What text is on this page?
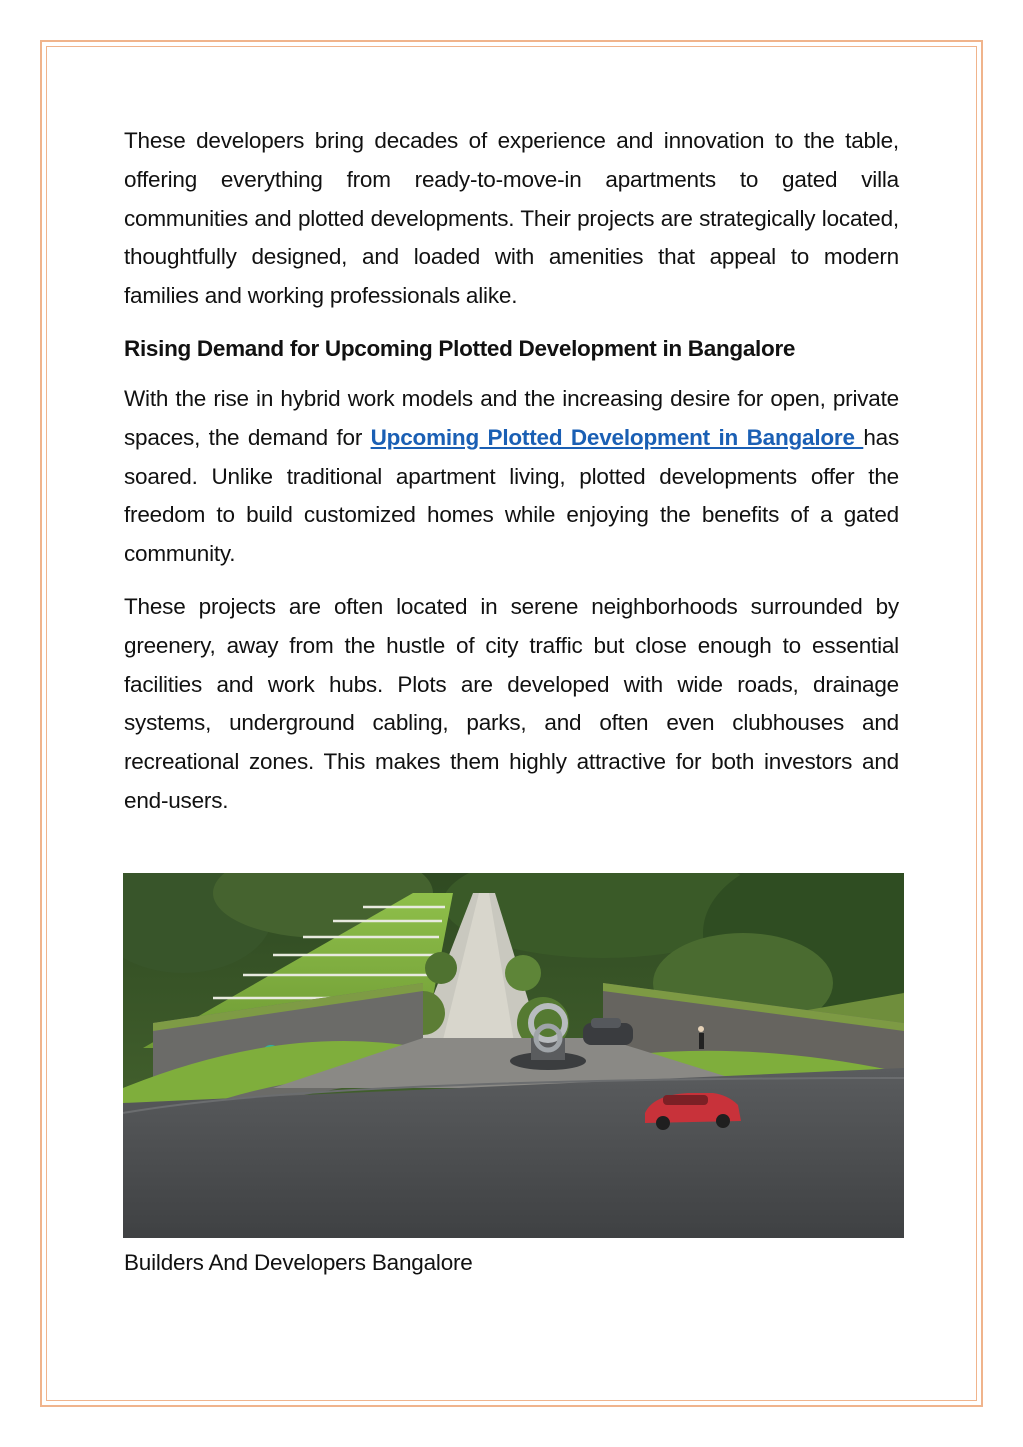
These developers bring decades of experience and innovation to the table, offering everything from ready-to-move-in apartments to gated villa communities and plotted developments. Their projects are strategically located, thoughtfully designed, and loaded with amenities that appeal to modern families and working professionals alike.

Rising Demand for Upcoming Plotted Development in Bangalore

With the rise in hybrid work models and the increasing desire for open, private spaces, the demand for Upcoming Plotted Development in Bangalore has soared. Unlike traditional apartment living, plotted developments offer the freedom to build customized homes while enjoying the benefits of a gated community.

These projects are often located in serene neighborhoods surrounded by greenery, away from the hustle of city traffic but close enough to essential facilities and work hubs. Plots are developed with wide roads, drainage systems, underground cabling, parks, and often even clubhouses and recreational zones. This makes them highly attractive for both investors and end-users.

Builders And Developers Bangalore
